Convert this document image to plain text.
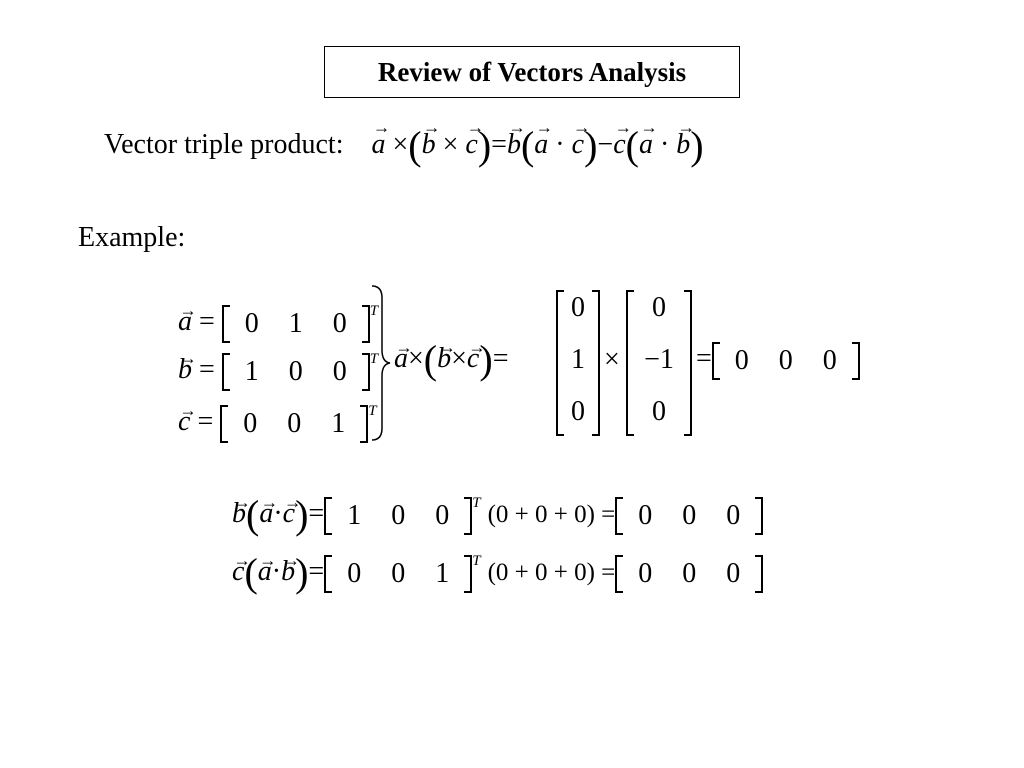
Review of Vectors Analysis
Vector triple product: → a ×(→ b × → c)=→ b(→ a · → c)−→ c(→ a · → b)
Example:
→ a = 0 1 0 $^T$
→ b = 1 0 0 $^T$
→ c = 0 0 1 $^T$
→ a×(→ b×→ c)=
0
1
0
×
0
−1
0
= 0 0 0
→ b(→ a·→ c)= 1 0 0 $^T$ (0 + 0 + 0) = 0 0 0
→ c(→ a·→ b)= 0 0 1 $^T$ (0 + 0 + 0) = 0 0 0
